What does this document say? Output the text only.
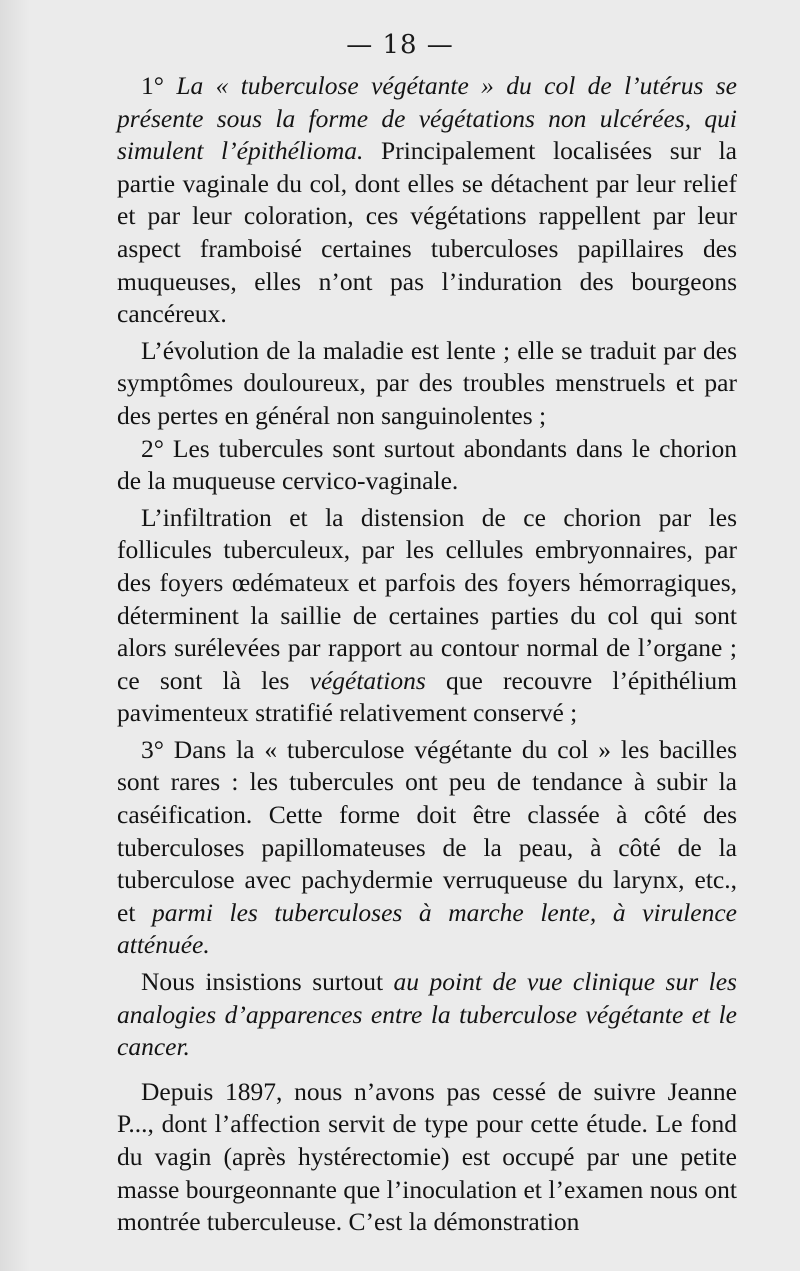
— 18 —

1° La « tuberculose végétante » du col de l’utérus se présente sous la forme de végétations non ulcérées, qui simulent l’épithélioma. Principalement localisées sur la partie vaginale du col, dont elles se détachent par leur relief et par leur coloration, ces végétations rappellent par leur aspect framboisé certaines tuberculoses papillaires des muqueuses, elles n’ont pas l’induration des bourgeons cancéreux.

L’évolution de la maladie est lente ; elle se traduit par des symptômes douloureux, par des troubles menstruels et par des pertes en général non sanguinolentes ;

2° Les tubercules sont surtout abondants dans le chorion de la muqueuse cervico-vaginale.

L’infiltration et la distension de ce chorion par les follicules tuberculeux, par les cellules embryonnaires, par des foyers œdémateux et parfois des foyers hémorragiques, déterminent la saillie de certaines parties du col qui sont alors surélevées par rapport au contour normal de l’organe ; ce sont là les végétations que recouvre l’épithélium pavimenteux stratifié relativement conservé ;

3° Dans la « tuberculose végétante du col » les bacilles sont rares : les tubercules ont peu de tendance à subir la caséification. Cette forme doit être classée à côté des tuberculoses papillomateuses de la peau, à côté de la tuberculose avec pachydermie verruqueuse du larynx, etc., et parmi les tuberculoses à marche lente, à virulence atténuée.

Nous insistions surtout au point de vue clinique sur les analogies d’apparences entre la tuberculose végétante et le cancer.

Depuis 1897, nous n’avons pas cessé de suivre Jeanne P..., dont l’affection servit de type pour cette étude. Le fond du vagin (après hystérectomie) est occupé par une petite masse bourgeonnante que l’inoculation et l’examen nous ont montrée tuberculeuse. C’est la démonstration
